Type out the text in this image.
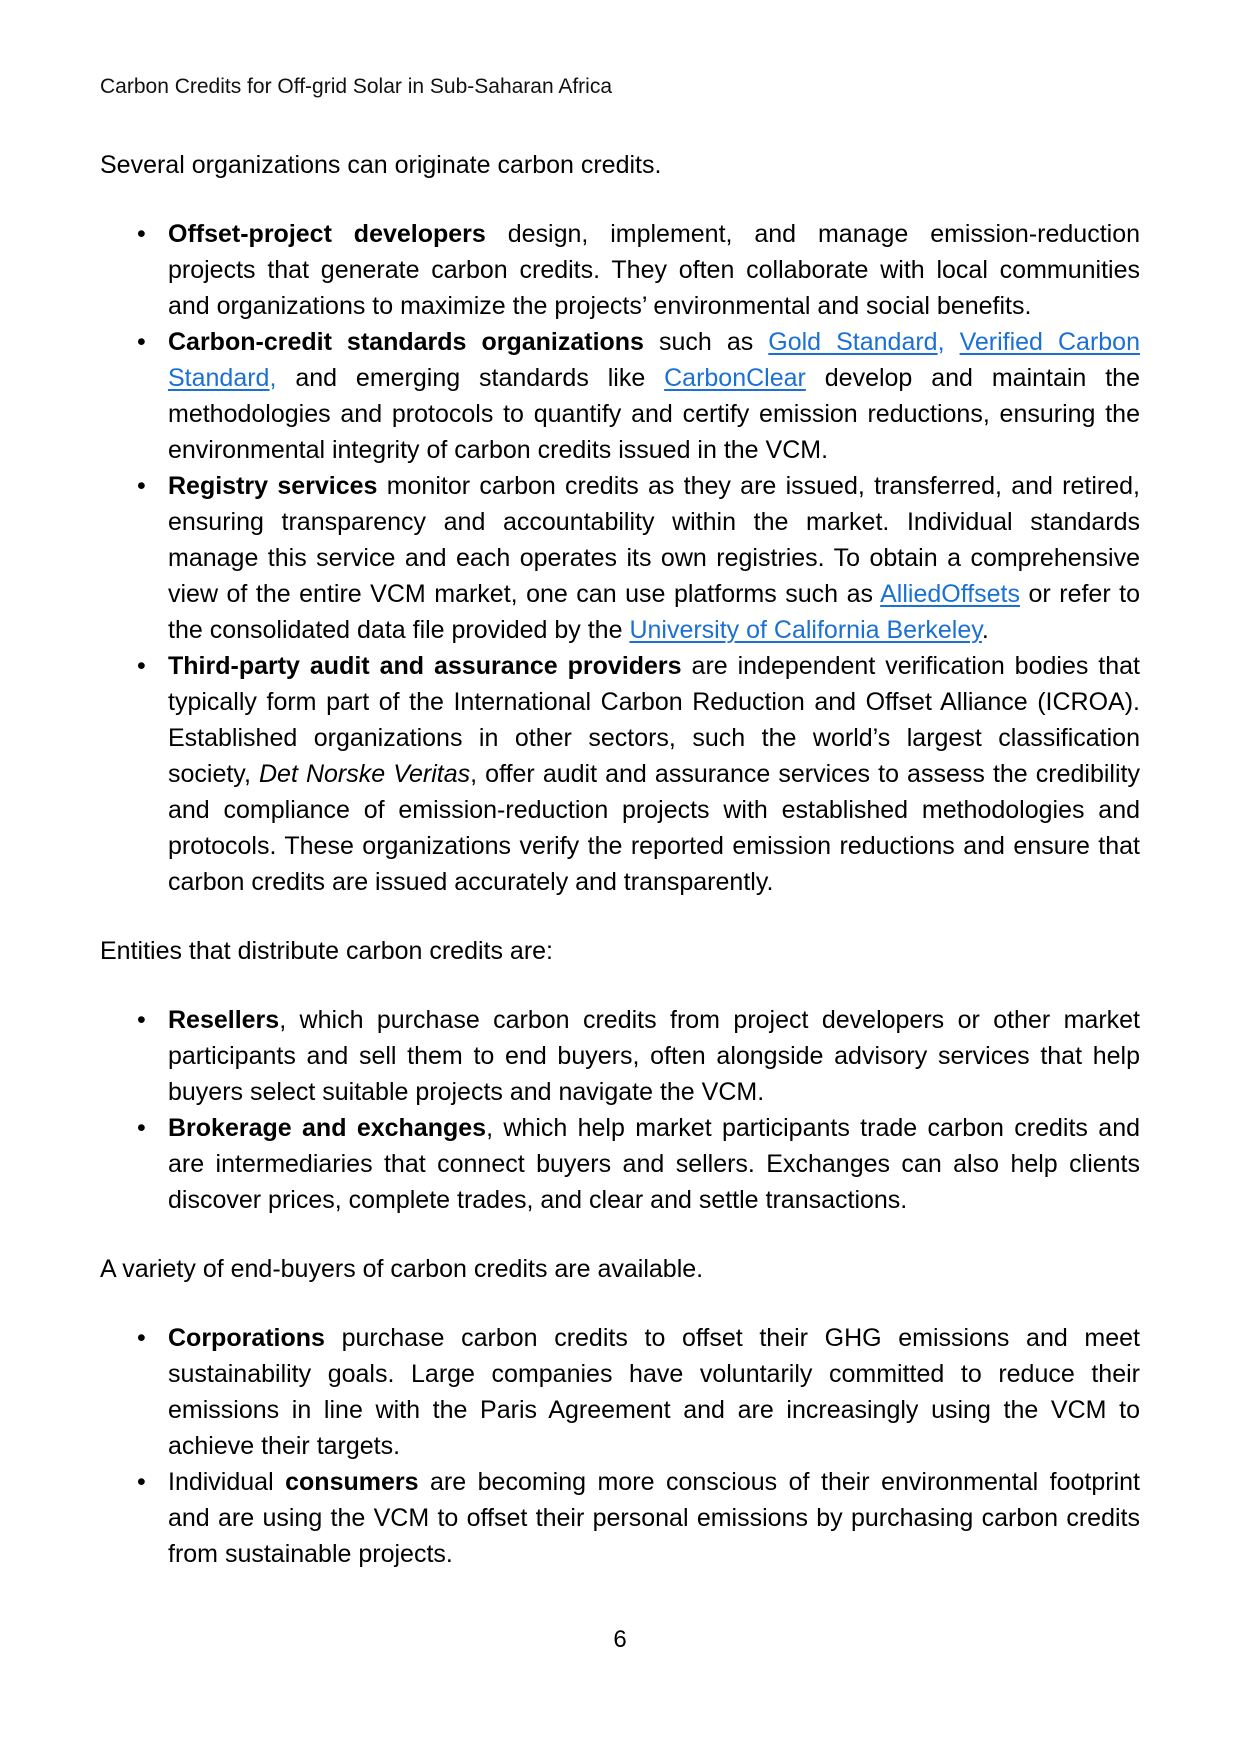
Carbon Credits for Off-grid Solar in Sub-Saharan Africa

Several organizations can originate carbon credits.

• Offset-project developers design, implement, and manage emission-reduction projects that generate carbon credits. They often collaborate with local communities and organizations to maximize the projects’ environmental and social benefits.
• Carbon-credit standards organizations such as Gold Standard, Verified Carbon Standard, and emerging standards like CarbonClear develop and maintain the methodologies and protocols to quantify and certify emission reductions, ensuring the environmental integrity of carbon credits issued in the VCM.
• Registry services monitor carbon credits as they are issued, transferred, and retired, ensuring transparency and accountability within the market. Individual standards manage this service and each operates its own registries. To obtain a comprehensive view of the entire VCM market, one can use platforms such as AlliedOffsets or refer to the consolidated data file provided by the University of California Berkeley.
• Third-party audit and assurance providers are independent verification bodies that typically form part of the International Carbon Reduction and Offset Alliance (ICROA). Established organizations in other sectors, such the world’s largest classification society, Det Norske Veritas, offer audit and assurance services to assess the credibility and compliance of emission-reduction projects with established methodologies and protocols. These organizations verify the reported emission reductions and ensure that carbon credits are issued accurately and transparently.

Entities that distribute carbon credits are:

• Resellers, which purchase carbon credits from project developers or other market participants and sell them to end buyers, often alongside advisory services that help buyers select suitable projects and navigate the VCM.
• Brokerage and exchanges, which help market participants trade carbon credits and are intermediaries that connect buyers and sellers. Exchanges can also help clients discover prices, complete trades, and clear and settle transactions.

A variety of end-buyers of carbon credits are available.

• Corporations purchase carbon credits to offset their GHG emissions and meet sustainability goals. Large companies have voluntarily committed to reduce their emissions in line with the Paris Agreement and are increasingly using the VCM to achieve their targets.
• Individual consumers are becoming more conscious of their environmental footprint and are using the VCM to offset their personal emissions by purchasing carbon credits from sustainable projects.
6
